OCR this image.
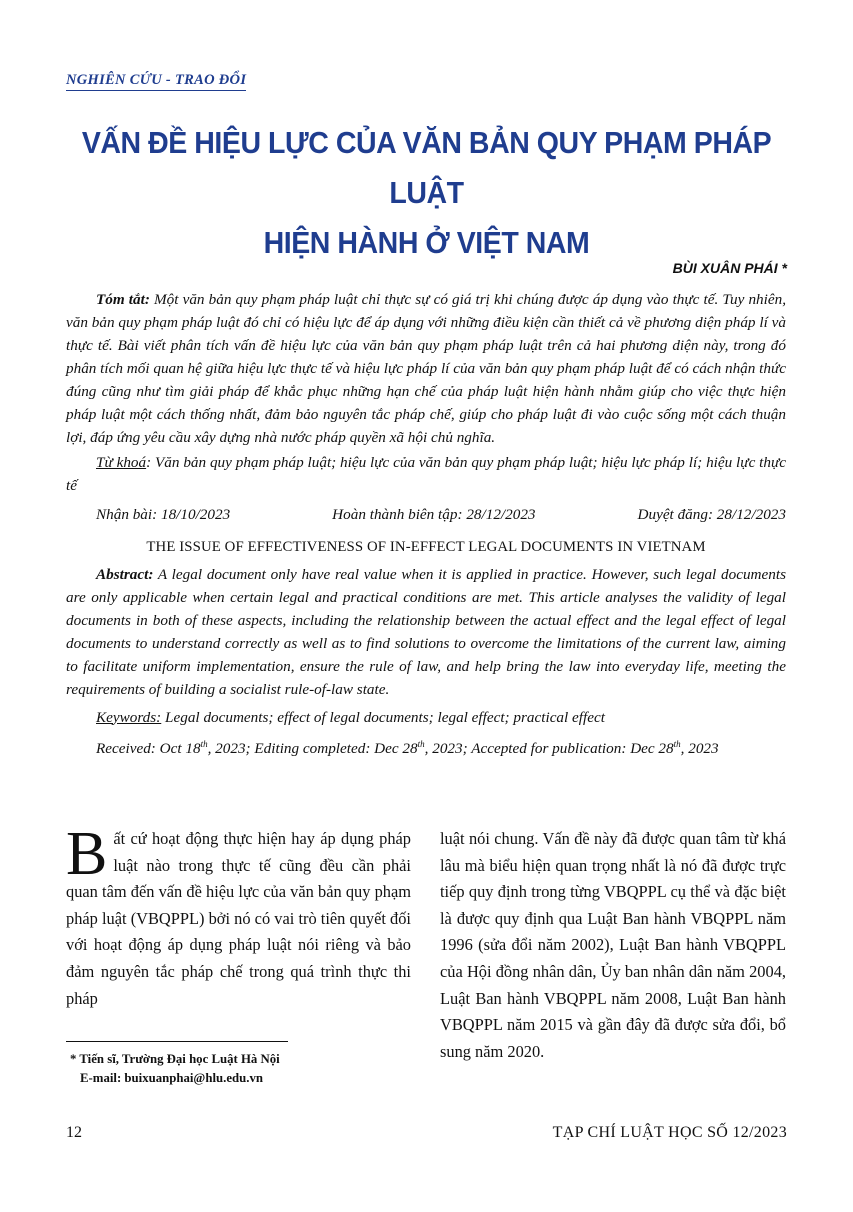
NGHIÊN CỨU - TRAO ĐỔI
VẤN ĐỀ HIỆU LỰC CỦA VĂN BẢN QUY PHẠM PHÁP LUẬT
HIỆN HÀNH Ở VIỆT NAM
BÙI XUÂN PHÁI *

Tóm tắt: Một văn bản quy phạm pháp luật chỉ thực sự có giá trị khi chúng được áp dụng vào thực tế. Tuy nhiên, văn bản quy phạm pháp luật đó chỉ có hiệu lực để áp dụng với những điều kiện cần thiết cả về phương diện pháp lí và thực tế. Bài viết phân tích vấn đề hiệu lực của văn bản quy phạm pháp luật trên cả hai phương diện này, trong đó phân tích mối quan hệ giữa hiệu lực thực tế và hiệu lực pháp lí của văn bản quy phạm pháp luật để có cách nhận thức đúng cũng như tìm giải pháp để khắc phục những hạn chế của pháp luật hiện hành nhằm giúp cho việc thực hiện pháp luật một cách thống nhất, đảm bảo nguyên tắc pháp chế, giúp cho pháp luật đi vào cuộc sống một cách thuận lợi, đáp ứng yêu cầu xây dựng nhà nước pháp quyền xã hội chủ nghĩa.

Từ khoá: Văn bản quy phạm pháp luật; hiệu lực của văn bản quy phạm pháp luật; hiệu lực pháp lí; hiệu lực thực tế

Nhận bài: 18/10/2023	Hoàn thành biên tập: 28/12/2023	Duyệt đăng: 28/12/2023
THE ISSUE OF EFFECTIVENESS OF IN-EFFECT LEGAL DOCUMENTS IN VIETNAM

Abstract: A legal document only have real value when it is applied in practice. However, such legal documents are only applicable when certain legal and practical conditions are met. This article analyses the validity of legal documents in both of these aspects, including the relationship between the actual effect and the legal effect of legal documents to understand correctly as well as to find solutions to overcome the limitations of the current law, aiming to facilitate uniform implementation, ensure the rule of law, and help bring the law into everyday life, meeting the requirements of building a socialist rule-of-law state.

Keywords: Legal documents; effect of legal documents; legal effect; practical effect

Received: Oct 18th, 2023; Editing completed: Dec 28th, 2023; Accepted for publication: Dec 28th, 2023

Bất cứ hoạt động thực hiện hay áp dụng pháp luật nào trong thực tế cũng đều cần phải quan tâm đến vấn đề hiệu lực của văn bản quy phạm pháp luật (VBQPPL) bởi nó có vai trò tiên quyết đối với hoạt động áp dụng pháp luật nói riêng và bảo đảm nguyên tắc pháp chế trong quá trình thực thi pháp
luật nói chung. Vấn đề này đã được quan tâm từ khá lâu mà biểu hiện quan trọng nhất là nó đã được trực tiếp quy định trong từng VBQPPL cụ thể và đặc biệt là được quy định qua Luật Ban hành VBQPPL năm 1996 (sửa đổi năm 2002), Luật Ban hành VBQPPL của Hội đồng nhân dân, Ủy ban nhân dân năm 2004, Luật Ban hành VBQPPL năm 2008, Luật Ban hành VBQPPL năm 2015 và gần đây đã được sửa đổi, bổ sung năm 2020.
* Tiến sĩ, Trường Đại học Luật Hà Nội
E-mail: buixuanphai@hlu.edu.vn
12	TẠP CHÍ LUẬT HỌC SỐ 12/2023
